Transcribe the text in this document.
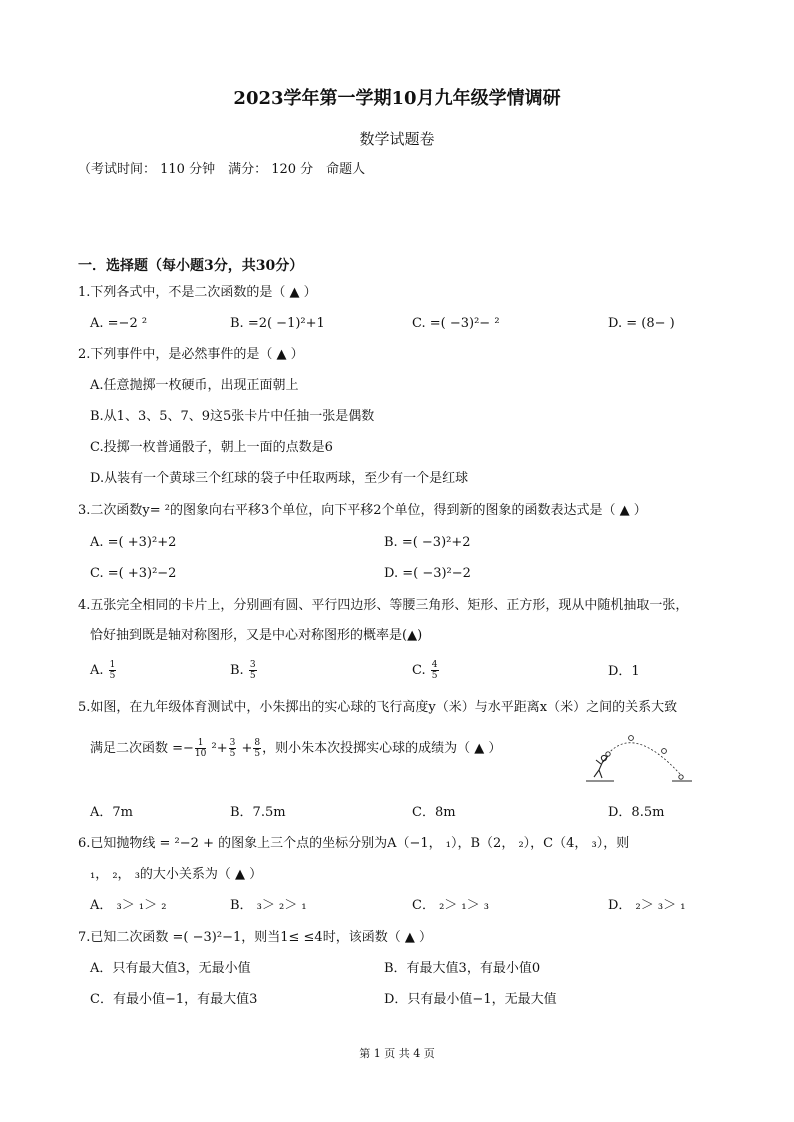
2023学年第一学期10月九年级学情调研
数学试题卷
（考试时间： 110 分钟　满分： 120 分　命题人
一．选择题（每小题3分，共30分）
1.下列各式中，不是二次函数的是（ ▲ ）
A. =−2 ²	B. =2( −1)²+1	C. =( −3)²− ²	D. = (8− )
2.下列事件中，是必然事件的是（ ▲ ）
A.任意抛掷一枚硬币，出现正面朝上
B.从1、3、5、7、9这5张卡片中任抽一张是偶数
C.投掷一枚普通骰子，朝上一面的点数是6
D.从装有一个黄球三个红球的袋子中任取两球，至少有一个是红球
3.二次函数y= ²的图象向右平移3个单位，向下平移2个单位，得到新的图象的函数表达式是（ ▲ ）
A. =( +3)²+2	B. =( −3)²+2
C. =( +3)²−2	D. =( −3)²−2
4.五张完全相同的卡片上，分别画有圆、平行四边形、等腰三角形、矩形、正方形，现从中随机抽取一张，
恰好抽到既是轴对称图形，又是中心对称图形的概率是(▲)
A. $\frac{1}{5}$	B. $\frac{3}{5}$	C. $\frac{4}{5}$	D．1
5.如图，在九年级体育测试中，小朱掷出的实心球的飞行高度y（米）与水平距离x（米）之间的关系大致
满足二次函数 =− $\frac{1}{10} ^2+ \frac{3}{5} + \frac{8}{5}$ ，则小朱本次投掷实心球的成绩为（ ▲ ）
A．7m	B．7.5m	C．8m	D．8.5m
6.已知抛物线 = ²−2 + 的图象上三个点的坐标分别为A（−1， ₁），B（2， ₂），C（4， ₃），则
₁， ₂， ₃的大小关系为（ ▲ ）
A． ₃＞ ₁＞ ₂	B． ₃＞ ₂＞ ₁	C． ₂＞ ₁＞ ₃	D． ₂＞ ₃＞ ₁
7.已知二次函数 =( −3)²−1，则当1≤ ≤4时，该函数（ ▲ ）
A．只有最大值3，无最小值	B．有最大值3，有最小值0
C．有最小值−1，有最大值3	D．只有最小值−1，无最大值
第 1 页 共 4 页
